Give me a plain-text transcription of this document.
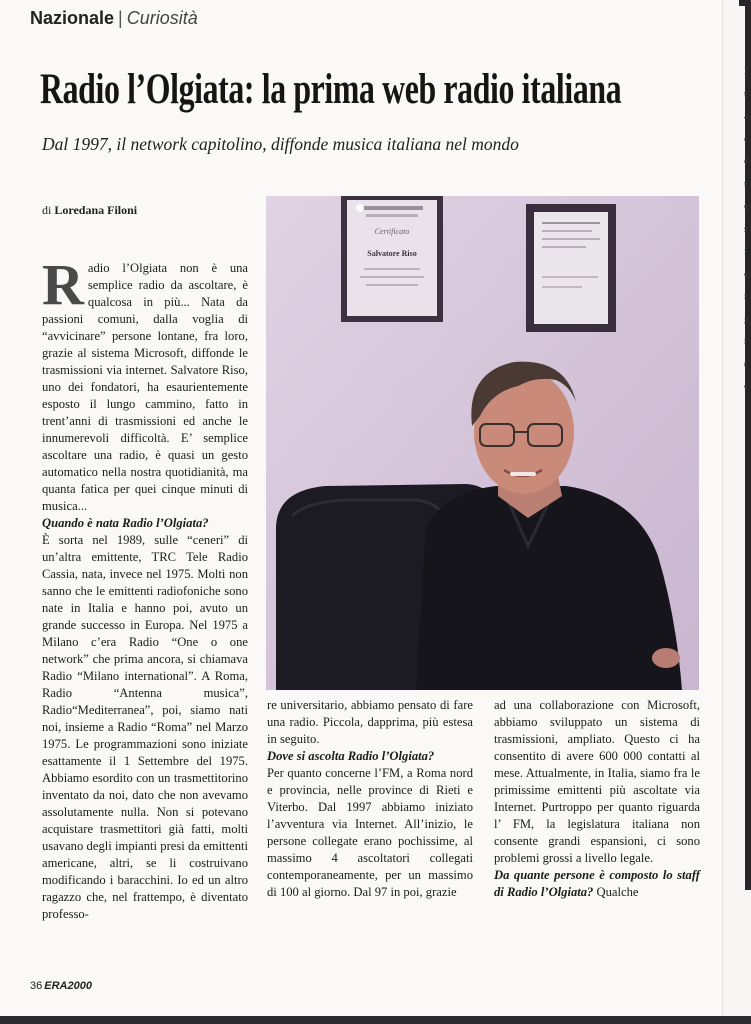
Nazionale | Curiosità
Radio l’Olgiata: la prima web radio italiana
Dal 1997, il network capitolino, diffonde musica italiana nel mondo
di Loredana Filoni

Radio l’Olgiata non è una semplice radio da ascoltare, è qualcosa in più... Nata da passioni comuni, dalla voglia di “avvicinare” persone lontane, fra loro, grazie al sistema Microsoft, diffonde le trasmissioni via internet. Salvatore Riso, uno dei fondatori, ha esaurientemente esposto il lungo cammino, fatto in trent’anni di trasmissioni ed anche le innumerevoli difficoltà. E’ semplice ascoltare una radio, è quasi un gesto automatico nella nostra quotidianità, ma quanta fatica per quei cinque minuti di musica...

Quando è nata Radio l’Olgiata?

È sorta nel 1989, sulle “ceneri” di un’altra emittente, TRC Tele Radio Cassia, nata, invece nel 1975. Molti non sanno che le emittenti radiofoniche sono nate in Italia e hanno poi, avuto un grande successo in Europa. Nel 1975 a Milano c’era Radio “One o one network” che prima ancora, si chiamava Radio “Milano international”. A Roma, Radio “Antenna musica”, Radio“Mediterranea”, poi, siamo nati noi, insieme a Radio “Roma” nel Marzo 1975. Le programmazioni sono iniziate esattamente il 1 Settembre del 1975. Abbiamo esordito con un trasmettitorino inventato da noi, dato che non avevamo assolutamente nulla. Non si potevano acquistare trasmettitori già fatti, molti usavano degli impianti presi da emittenti americane, altri, se li costruivano modificando i baracchini. Io ed un altro ragazzo che, nel frattempo, è diventato professo-

Certificato
Salvatore Riso

re universitario, abbiamo pensato di fare una radio. Piccola, dapprima, più estesa in seguito.

Dove si ascolta Radio l’Olgiata?

Per quanto concerne l’FM, a Roma nord e provincia, nelle province di Rieti e Viterbo. Dal 1997 abbiamo iniziato l’avventura via Internet. All’inizio, le persone collegate erano pochissime, al massimo 4 ascoltatori collegati contemporaneamente, per un massimo di 100 al giorno. Dal 97 in poi, grazie

ad una collaborazione con Microsoft, abbiamo sviluppato un sistema di trasmissioni, ampliato. Questo ci ha consentito di avere 600 000 contatti al mese. Attualmente, in Italia, siamo fra le primissime emittenti più ascoltate via Internet. Purtroppo per quanto riguarda l’ FM, la legislatura italiana non consente grandi espansioni, ci sono problemi grossi a livello legale.

Da quante persone è composto lo staff di Radio l’Olgiata? Qualche

36 ERA2000
l
t
a
c
e
t
e
s
f
e
r
g
r
(
c
